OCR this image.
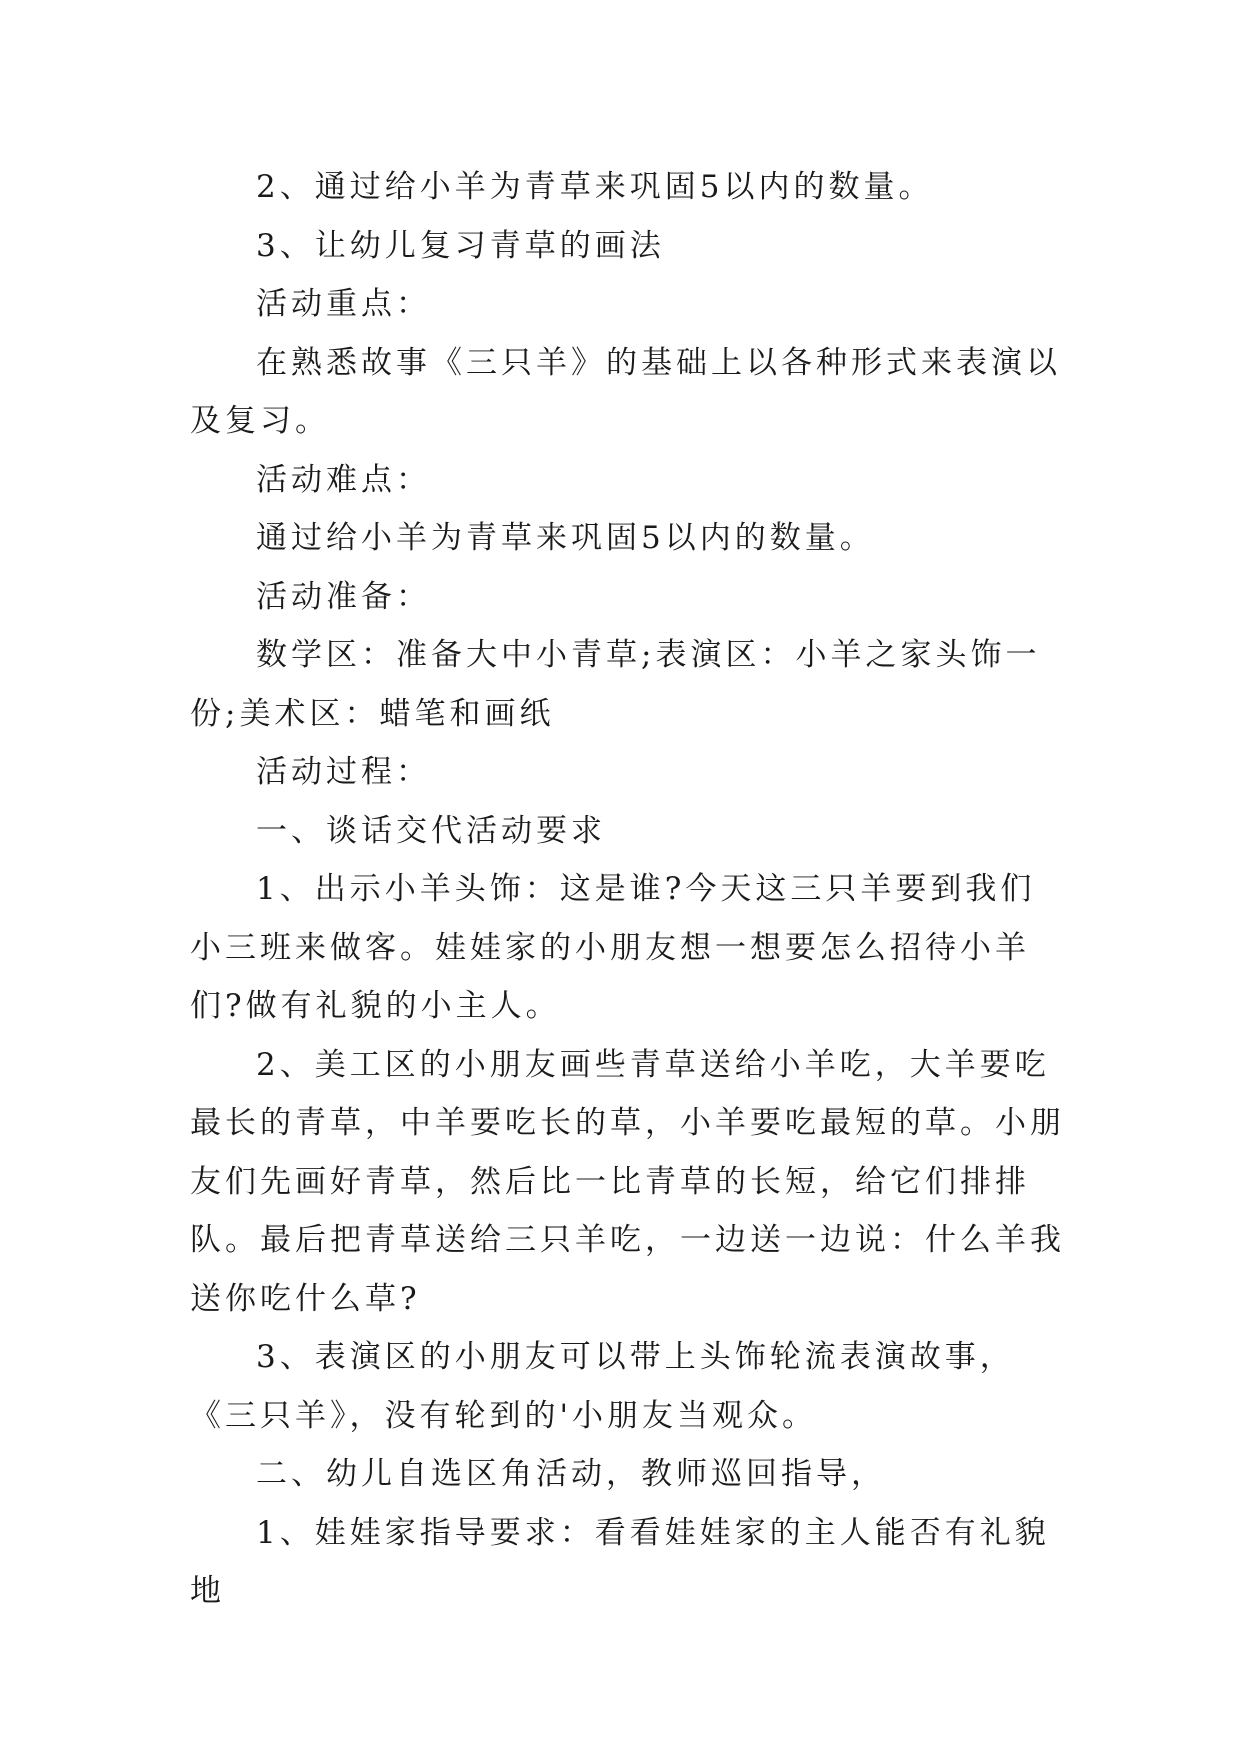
2、通过给小羊为青草来巩固5以内的数量。

3、让幼儿复习青草的画法

活动重点：

在熟悉故事《三只羊》的基础上以各种形式来表演以及复习。

活动难点：

通过给小羊为青草来巩固5以内的数量。

活动准备：

数学区：准备大中小青草;表演区：小羊之家头饰一份;美术区：蜡笔和画纸

活动过程：

一、谈话交代活动要求

1、出示小羊头饰：这是谁?今天这三只羊要到我们小三班来做客。娃娃家的小朋友想一想要怎么招待小羊们?做有礼貌的小主人。

2、美工区的小朋友画些青草送给小羊吃，大羊要吃最长的青草，中羊要吃长的草，小羊要吃最短的草。小朋友们先画好青草，然后比一比青草的长短，给它们排排队。最后把青草送给三只羊吃，一边送一边说：什么羊我送你吃什么草?

3、表演区的小朋友可以带上头饰轮流表演故事，《三只羊》，没有轮到的'小朋友当观众。

二、幼儿自选区角活动，教师巡回指导，

1、娃娃家指导要求：看看娃娃家的主人能否有礼貌地
